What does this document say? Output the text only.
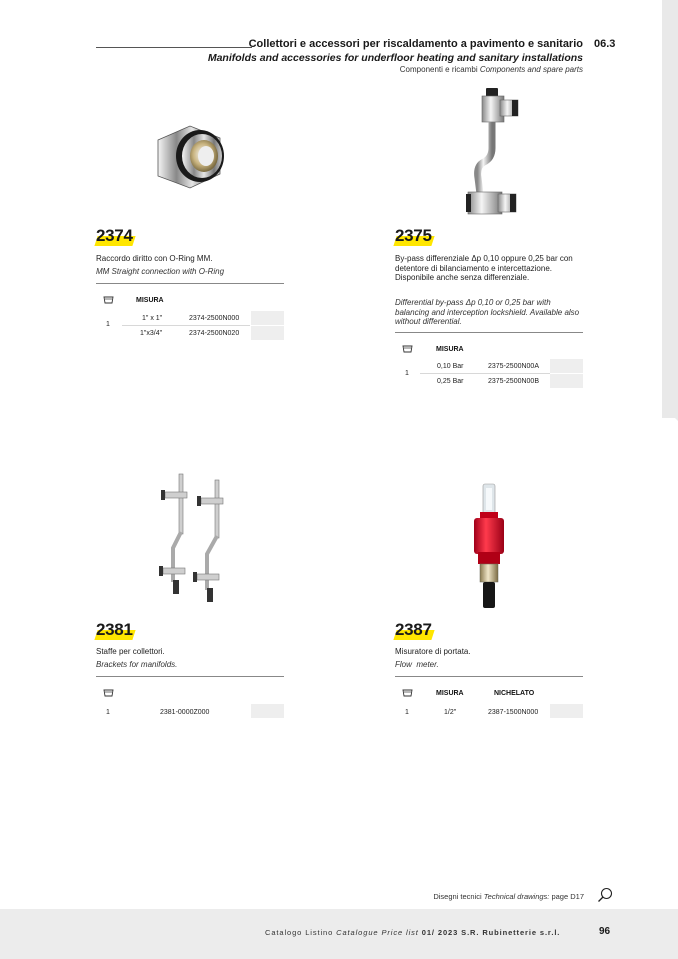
Collettori e accessori per riscaldamento a pavimento e sanitario 06.3
Manifolds and accessories for underfloor heating and sanitary installations
Componenti e ricambi Components and spare parts
2374
Raccordo diritto con O-Ring MM.
MM Straight connection with O-Ring
MISURA
1
1" x 1"	2374-2500N000
1"x3/4"	2374-2500N020
2375
By-pass differenziale Δp 0,10 oppure 0,25 bar con detentore di bilanciamento e intercettazione. Disponibile anche senza differenziale.
Differential by-pass Δp 0,10 or 0,25 bar with balancing and interception lockshield. Available also without differential.
MISURA
1
0,10 Bar	2375-2500N00A
0,25 Bar	2375-2500N00B
2381
Staffe per collettori.
Brackets for manifolds.
1	2381-0000Z000
2387
Misuratore di portata.
Flow  meter.
MISURA	NICHELATO
1	1/2"	2387-1500N000
Disegni tecnici Technical drawings: page D17
Catalogo Listino Catalogue Price list 01/ 2023 S.R. Rubinetterie s.r.l.	96
